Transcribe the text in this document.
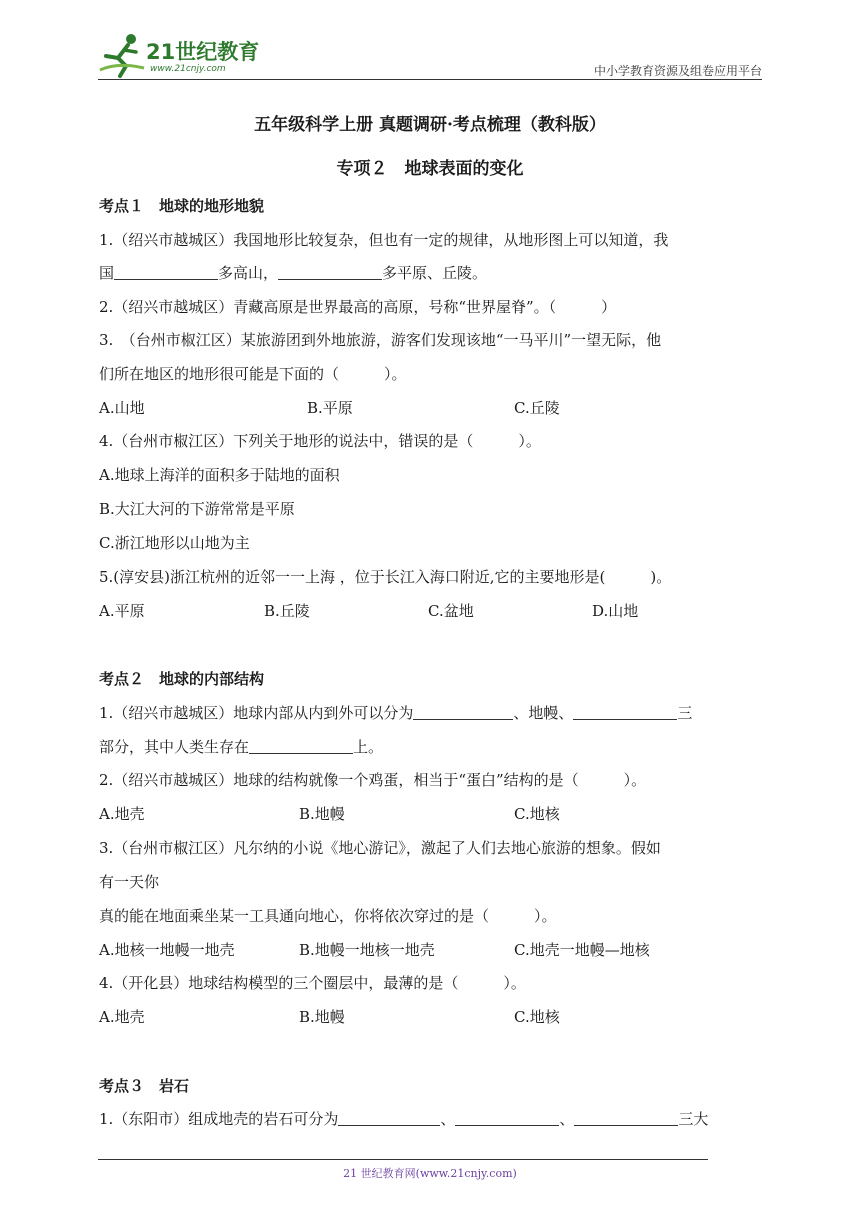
21世纪教育
www.21cnjy.com	中小学教育资源及组卷应用平台
五年级科学上册 真题调研·考点梳理（教科版）
专项２　地球表面的变化
考点１　地球的地形地貌
1.（绍兴市越城区）我国地形比较复杂，但也有一定的规律，从地形图上可以知道，我
国	多高山，	多平原、丘陵。
2.（绍兴市越城区）青藏高原是世界最高的高原，号称“世界屋脊”。（　　　）
3.　（台州市椒江区）某旅游团到外地旅游，游客们发现该地“一马平川”一望无际，他
们所在地区的地形很可能是下面的（　　　）。
A.山地	B.平原	C.丘陵
4.（台州市椒江区）下列关于地形的说法中，错误的是（　　　）。
A.地球上海洋的面积多于陆地的面积
B.大江大河的下游常常是平原
C.浙江地形以山地为主
5.(淳安县)浙江杭州的近邻一一上海 ，位于长江入海口附近,它的主要地形是(　　　)。
A.平原	B.丘陵	C.盆地	D.山地
考点２　地球的内部结构
1.（绍兴市越城区）地球内部从内到外可以分为	、地幔、	三
部分，其中人类生存在	上。
2.（绍兴市越城区）地球的结构就像一个鸡蛋，相当于“蛋白”结构的是（　　　）。
A.地壳	B.地幔	C.地核
3.（台州市椒江区）凡尔纳的小说《地心游记》，激起了人们去地心旅游的想象。假如
有一天你
真的能在地面乘坐某一工具通向地心，你将依次穿过的是（　　　）。
A.地核一地幔一地壳	B.地幔一地核一地壳	C.地壳一地幔—地核
4.（开化县）地球结构模型的三个圈层中，最薄的是（　　　）。
A.地壳	B.地幔	C.地核
考点３　岩石
1.（东阳市）组成地壳的岩石可分为	、	、	三大
21 世纪教育网(www.21cnjy.com)
